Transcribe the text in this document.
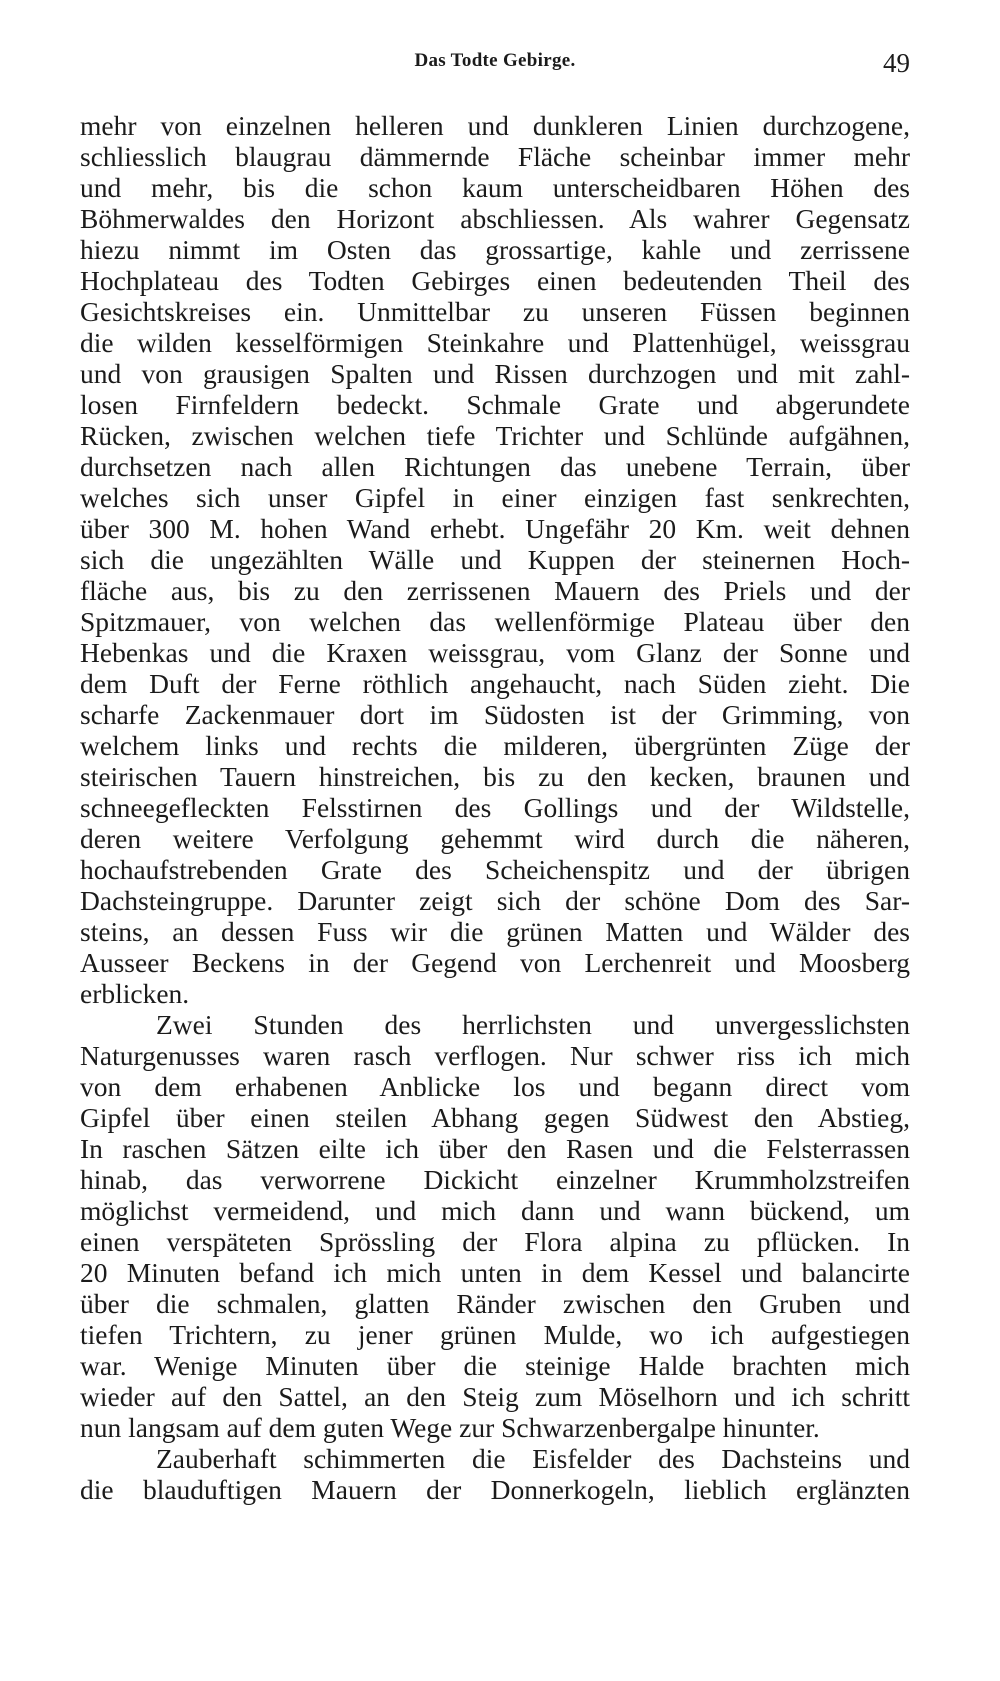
Das Todte Gebirge.	49
mehr von einzelnen helleren und dunkleren Linien durchzogene,
schliesslich blaugrau dämmernde Fläche scheinbar immer mehr
und mehr, bis die schon kaum unterscheidbaren Höhen des
Böhmerwaldes den Horizont abschliessen. Als wahrer Gegensatz
hiezu nimmt im Osten das grossartige, kahle und zerrissene
Hochplateau des Todten Gebirges einen bedeutenden Theil des
Gesichtskreises ein. Unmittelbar zu unseren Füssen beginnen
die wilden kesselförmigen Steinkahre und Plattenhügel, weissgrau
und von grausigen Spalten und Rissen durchzogen und mit zahl-
losen Firnfeldern bedeckt. Schmale Grate und abgerundete
Rücken, zwischen welchen tiefe Trichter und Schlünde aufgähnen,
durchsetzen nach allen Richtungen das unebene Terrain, über
welches sich unser Gipfel in einer einzigen fast senkrechten,
über 300 M. hohen Wand erhebt. Ungefähr 20 Km. weit dehnen
sich die ungezählten Wälle und Kuppen der steinernen Hoch-
fläche aus, bis zu den zerrissenen Mauern des Priels und der
Spitzmauer, von welchen das wellenförmige Plateau über den
Hebenkas und die Kraxen weissgrau, vom Glanz der Sonne und
dem Duft der Ferne röthlich angehaucht, nach Süden zieht. Die
scharfe Zackenmauer dort im Südosten ist der Grimming, von
welchem links und rechts die milderen, übergrünten Züge der
steirischen Tauern hinstreichen, bis zu den kecken, braunen und
schneegefleckten Felsstirnen des Gollings und der Wildstelle,
deren weitere Verfolgung gehemmt wird durch die näheren,
hochaufstrebenden Grate des Scheichenspitz und der übrigen
Dachsteingruppe. Darunter zeigt sich der schöne Dom des Sar-
steins, an dessen Fuss wir die grünen Matten und Wälder des
Ausseer Beckens in der Gegend von Lerchenreit und Moosberg
erblicken.
Zwei Stunden des herrlichsten und unvergesslichsten
Naturgenusses waren rasch verflogen. Nur schwer riss ich mich
von dem erhabenen Anblicke los und begann direct vom
Gipfel über einen steilen Abhang gegen Südwest den Abstieg,
In raschen Sätzen eilte ich über den Rasen und die Felsterrassen
hinab, das verworrene Dickicht einzelner Krummholzstreifen
möglichst vermeidend, und mich dann und wann bückend, um
einen verspäteten Sprössling der Flora alpina zu pflücken. In
20 Minuten befand ich mich unten in dem Kessel und balancirte
über die schmalen, glatten Ränder zwischen den Gruben und
tiefen Trichtern, zu jener grünen Mulde, wo ich aufgestiegen
war. Wenige Minuten über die steinige Halde brachten mich
wieder auf den Sattel, an den Steig zum Möselhorn und ich schritt
nun langsam auf dem guten Wege zur Schwarzenbergalpe hinunter.
Zauberhaft schimmerten die Eisfelder des Dachsteins und
die blauduftigen Mauern der Donnerkogeln, lieblich erglänzten
